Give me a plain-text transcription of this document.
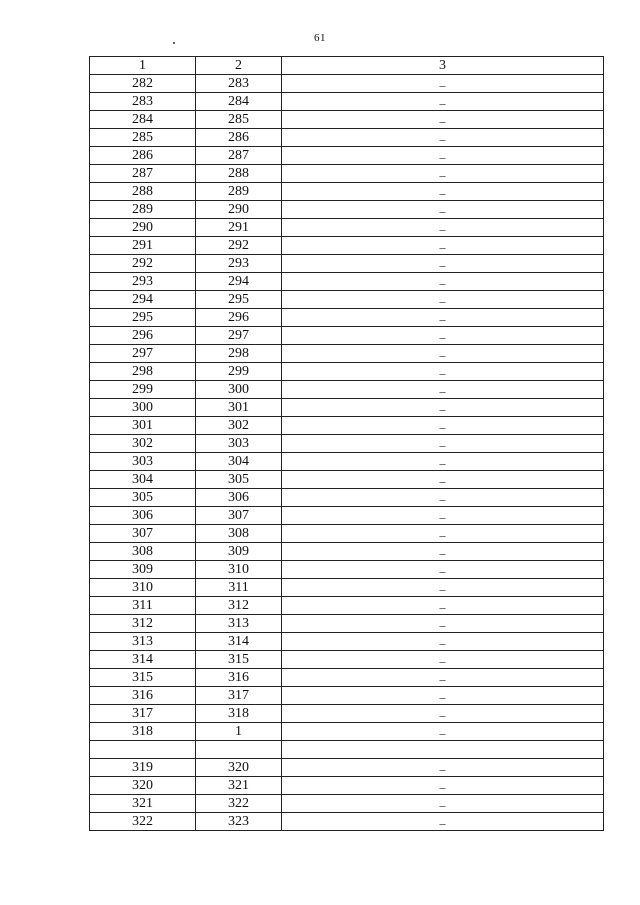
61
1	2	3
282	283	–
283	284	–
284	285	–
285	286	–
286	287	–
287	288	–
288	289	–
289	290	–
290	291	–
291	292	–
292	293	–
293	294	–
294	295	–
295	296	–
296	297	–
297	298	–
298	299	–
299	300	–
300	301	–
301	302	–
302	303	–
303	304	–
304	305	–
305	306	–
306	307	–
307	308	–
308	309	–
309	310	–
310	311	–
311	312	–
312	313	–
313	314	–
314	315	–
315	316	–
316	317	–
317	318	–
318	1	–

319	320	–
320	321	–
321	322	–
322	323	–
